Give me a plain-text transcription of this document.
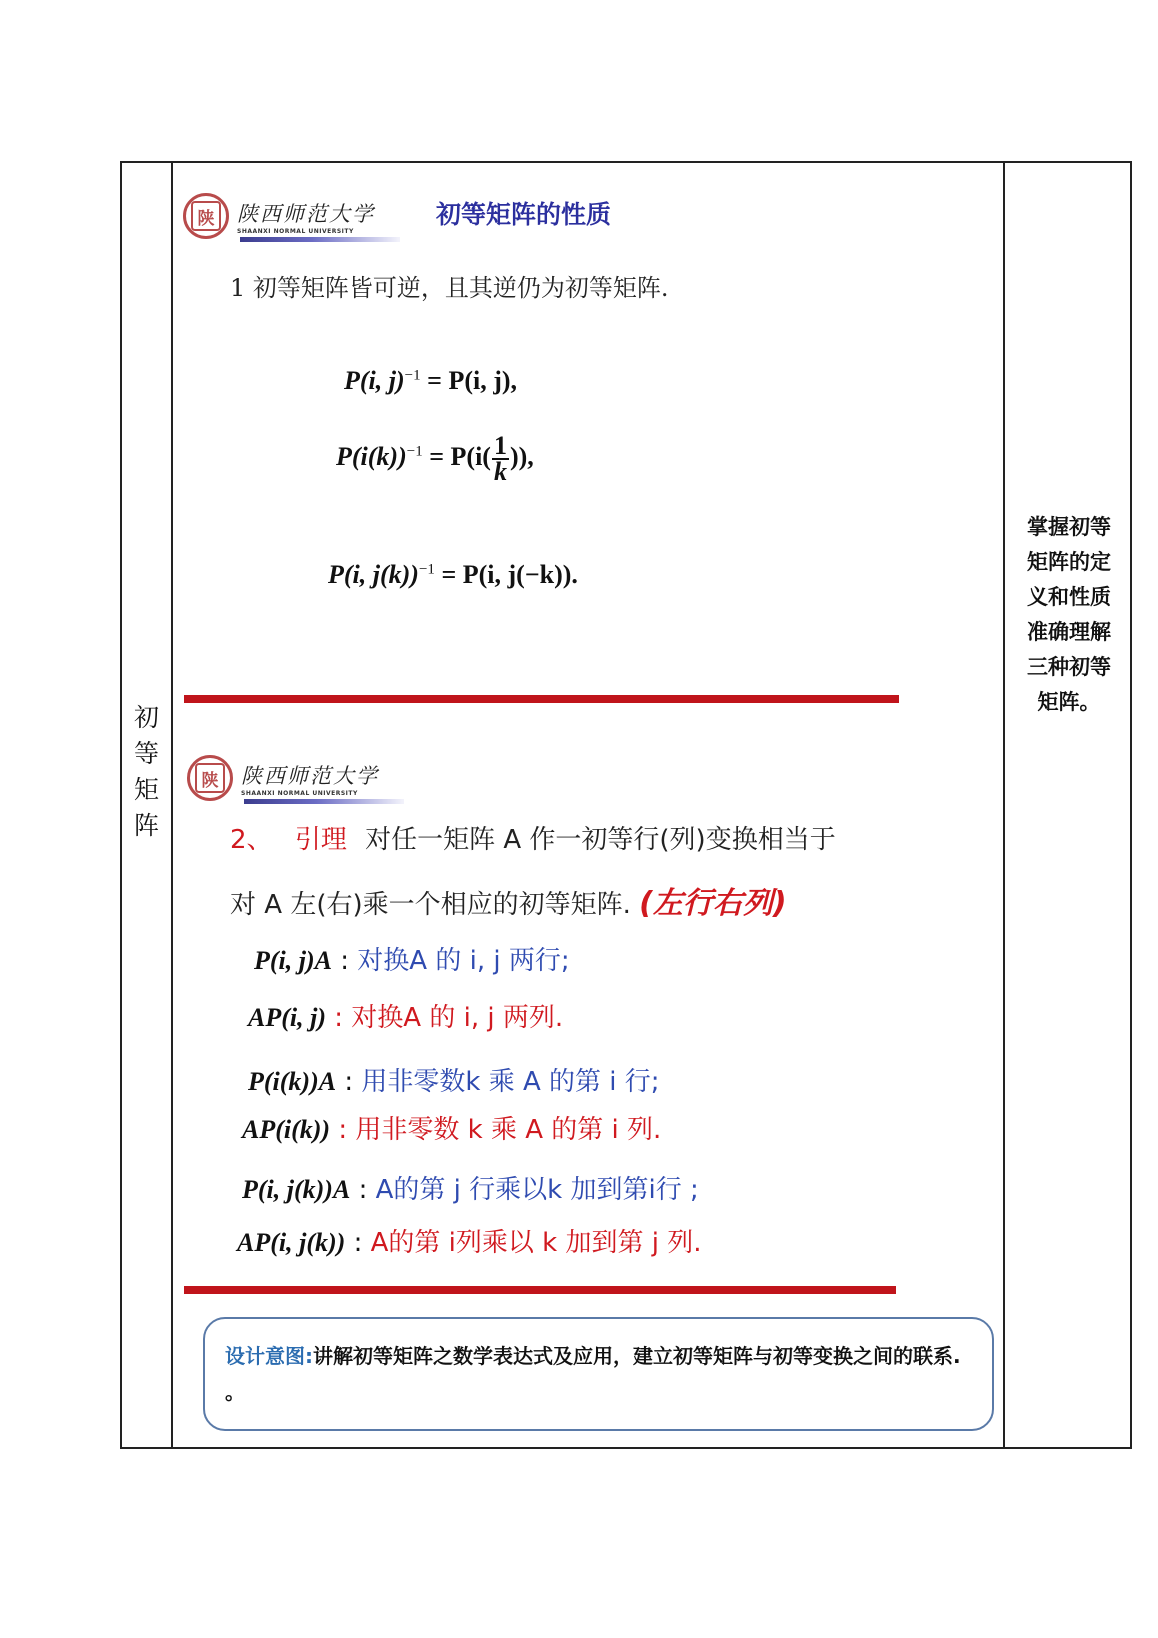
初
等
矩
阵
掌握初等
矩阵的定
义和性质
准确理解
三种初等
矩阵。
陕	陕西师范大学
SHAANXI NORMAL UNIVERSITY
初等矩阵的性质
1 初等矩阵皆可逆，且其逆仍为初等矩阵.
P(i, j)$^{-1}$ = P(i, j),
$P(i(k))^{-1} = P(i( \frac{1}{k}$ )),
P(i, j(k))$^{-1}$ = P(i, j(−k)).
陕	陕西师范大学
SHAANXI NORMAL UNIVERSITY
2、 引理 对任一矩阵 A 作一初等行(列)变换相当于
对 A 左(右)乘一个相应的初等矩阵. (左行右列)
P(i, j)A : 对换A 的 i, j 两行;
AP(i, j) : 对换A 的 i, j 两列.
P(i(k))A : 用非零数k 乘 A 的第 i 行;
AP(i(k)) : 用非零数 k 乘 A 的第 i 列.
P(i, j(k))A : A的第 j 行乘以k 加到第i行 ;
AP(i, j(k)) : A的第 i列乘以 k 加到第 j 列.
设计意图:讲解初等矩阵之数学表达式及应用，建立初等矩阵与初等变换之间的联系. 。
